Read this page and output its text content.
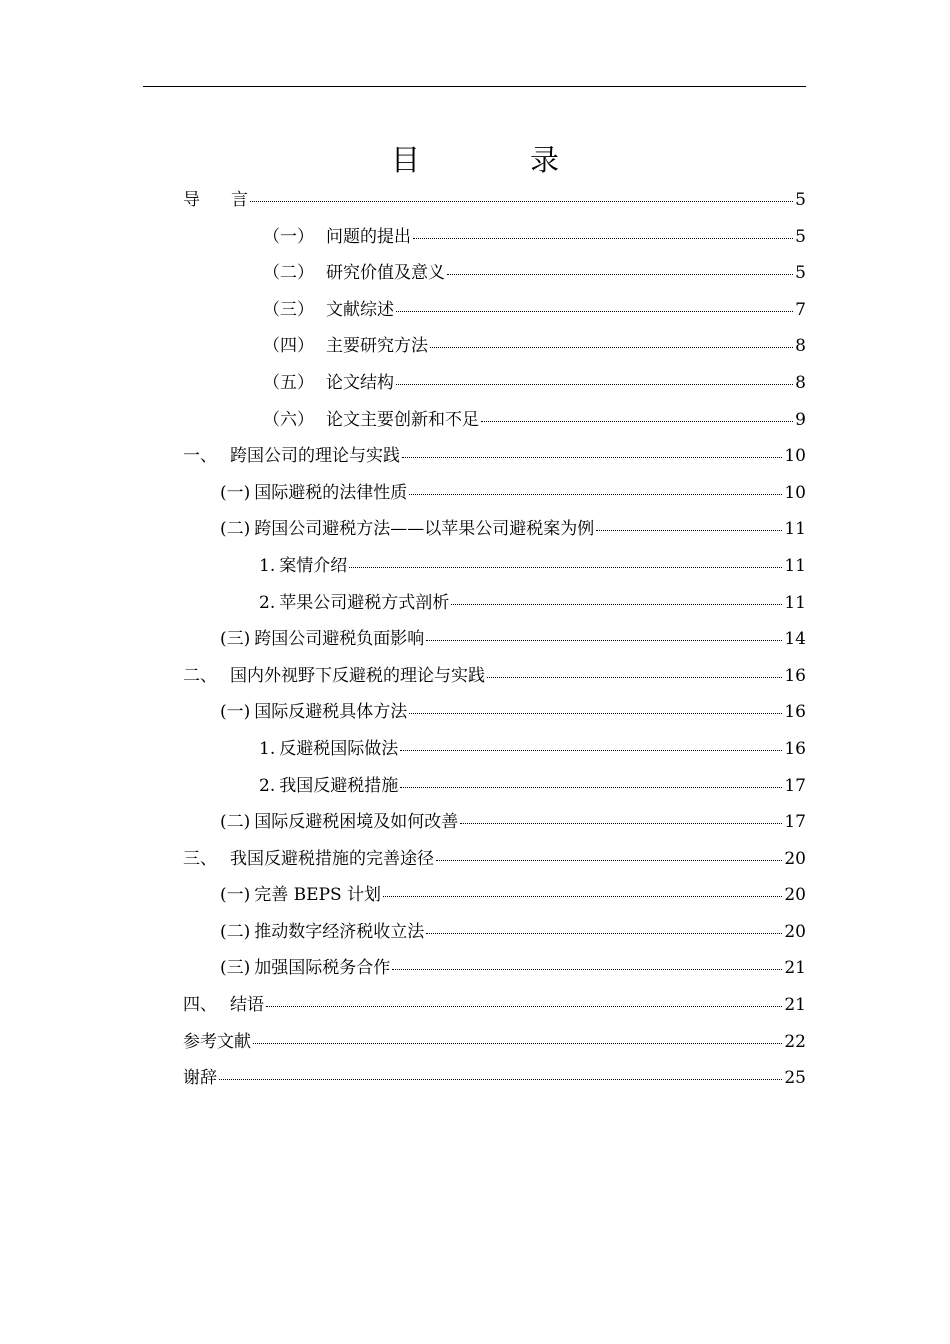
目	录
导	言	5
（一） 问题的提出	5
（二） 研究价值及意义	5
（三） 文献综述	7
（四） 主要研究方法	8
（五） 论文结构	8
（六） 论文主要创新和不足	9
一、 跨国公司的理论与实践	10
(一) 国际避税的法律性质	10
(二) 跨国公司避税方法——以苹果公司避税案为例	11
1. 案情介绍	11
2. 苹果公司避税方式剖析	11
(三) 跨国公司避税负面影响	14
二、 国内外视野下反避税的理论与实践	16
(一) 国际反避税具体方法	16
1. 反避税国际做法	16
2. 我国反避税措施	17
(二) 国际反避税困境及如何改善	17
三、 我国反避税措施的完善途径	20
(一) 完善 BEPS 计划	20
(二) 推动数字经济税收立法	20
(三) 加强国际税务合作	21
四、 结语	21
参考文献	22
谢辞	25
